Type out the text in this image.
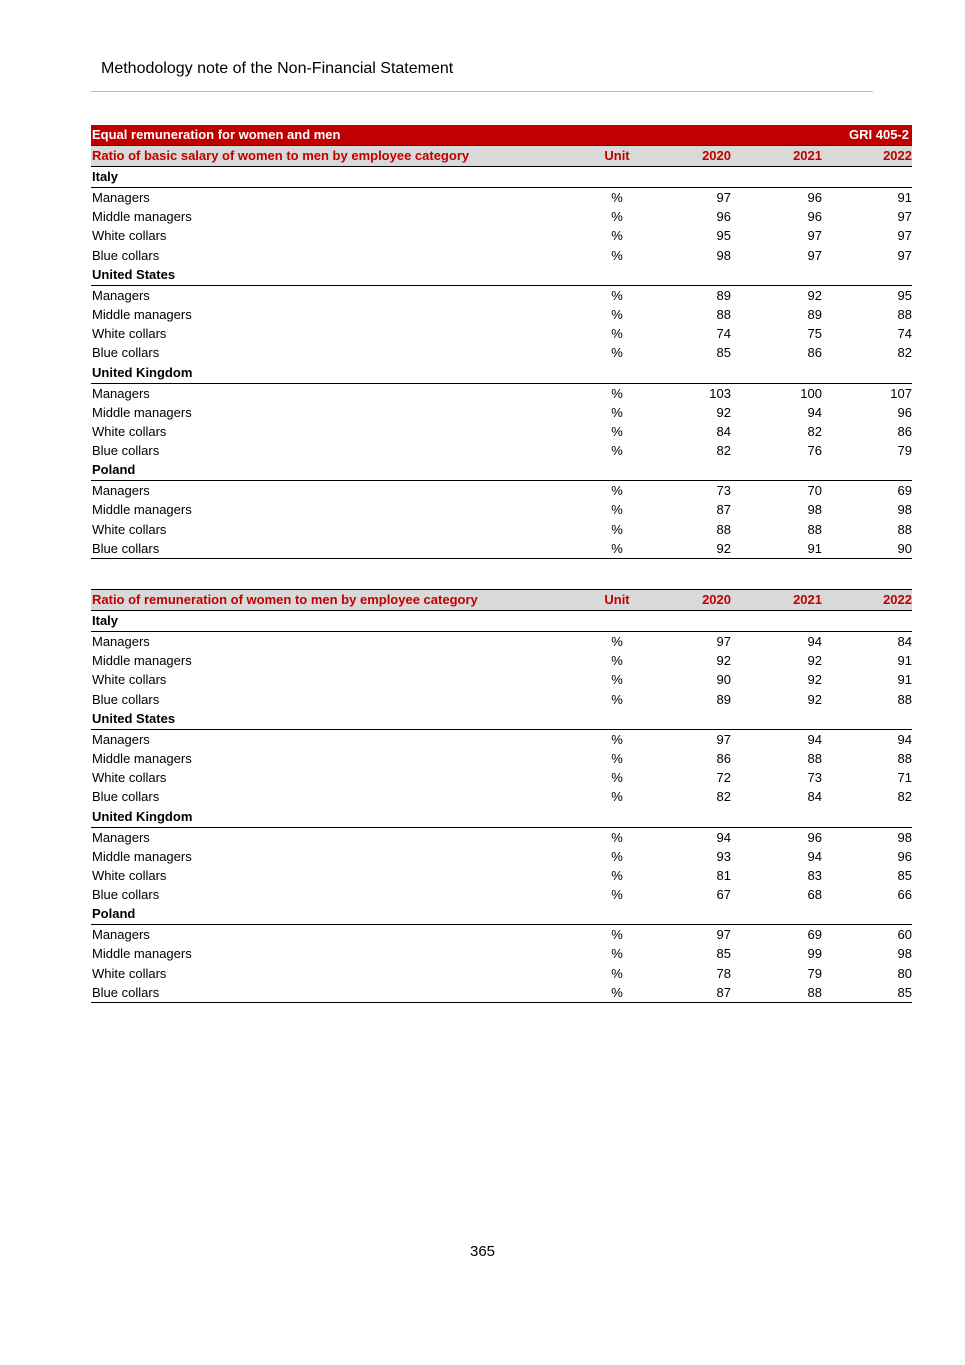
Methodology note of the Non-Financial Statement
Equal remuneration for women and men	GRI 405-2
Ratio of basic salary of women to men by employee category	Unit	2020	2021	2022
Italy
Managers	%	97	96	91
Middle managers	%	96	96	97
White collars	%	95	97	97
Blue collars	%	98	97	97
United States
Managers	%	89	92	95
Middle managers	%	88	89	88
White collars	%	74	75	74
Blue collars	%	85	86	82
United Kingdom
Managers	%	103	100	107
Middle managers	%	92	94	96
White collars	%	84	82	86
Blue collars	%	82	76	79
Poland
Managers	%	73	70	69
Middle managers	%	87	98	98
White collars	%	88	88	88
Blue collars	%	92	91	90
Ratio of remuneration of women to men by employee category	Unit	2020	2021	2022
Italy
Managers	%	97	94	84
Middle managers	%	92	92	91
White collars	%	90	92	91
Blue collars	%	89	92	88
United States
Managers	%	97	94	94
Middle managers	%	86	88	88
White collars	%	72	73	71
Blue collars	%	82	84	82
United Kingdom
Managers	%	94	96	98
Middle managers	%	93	94	96
White collars	%	81	83	85
Blue collars	%	67	68	66
Poland
Managers	%	97	69	60
Middle managers	%	85	99	98
White collars	%	78	79	80
Blue collars	%	87	88	85
365
